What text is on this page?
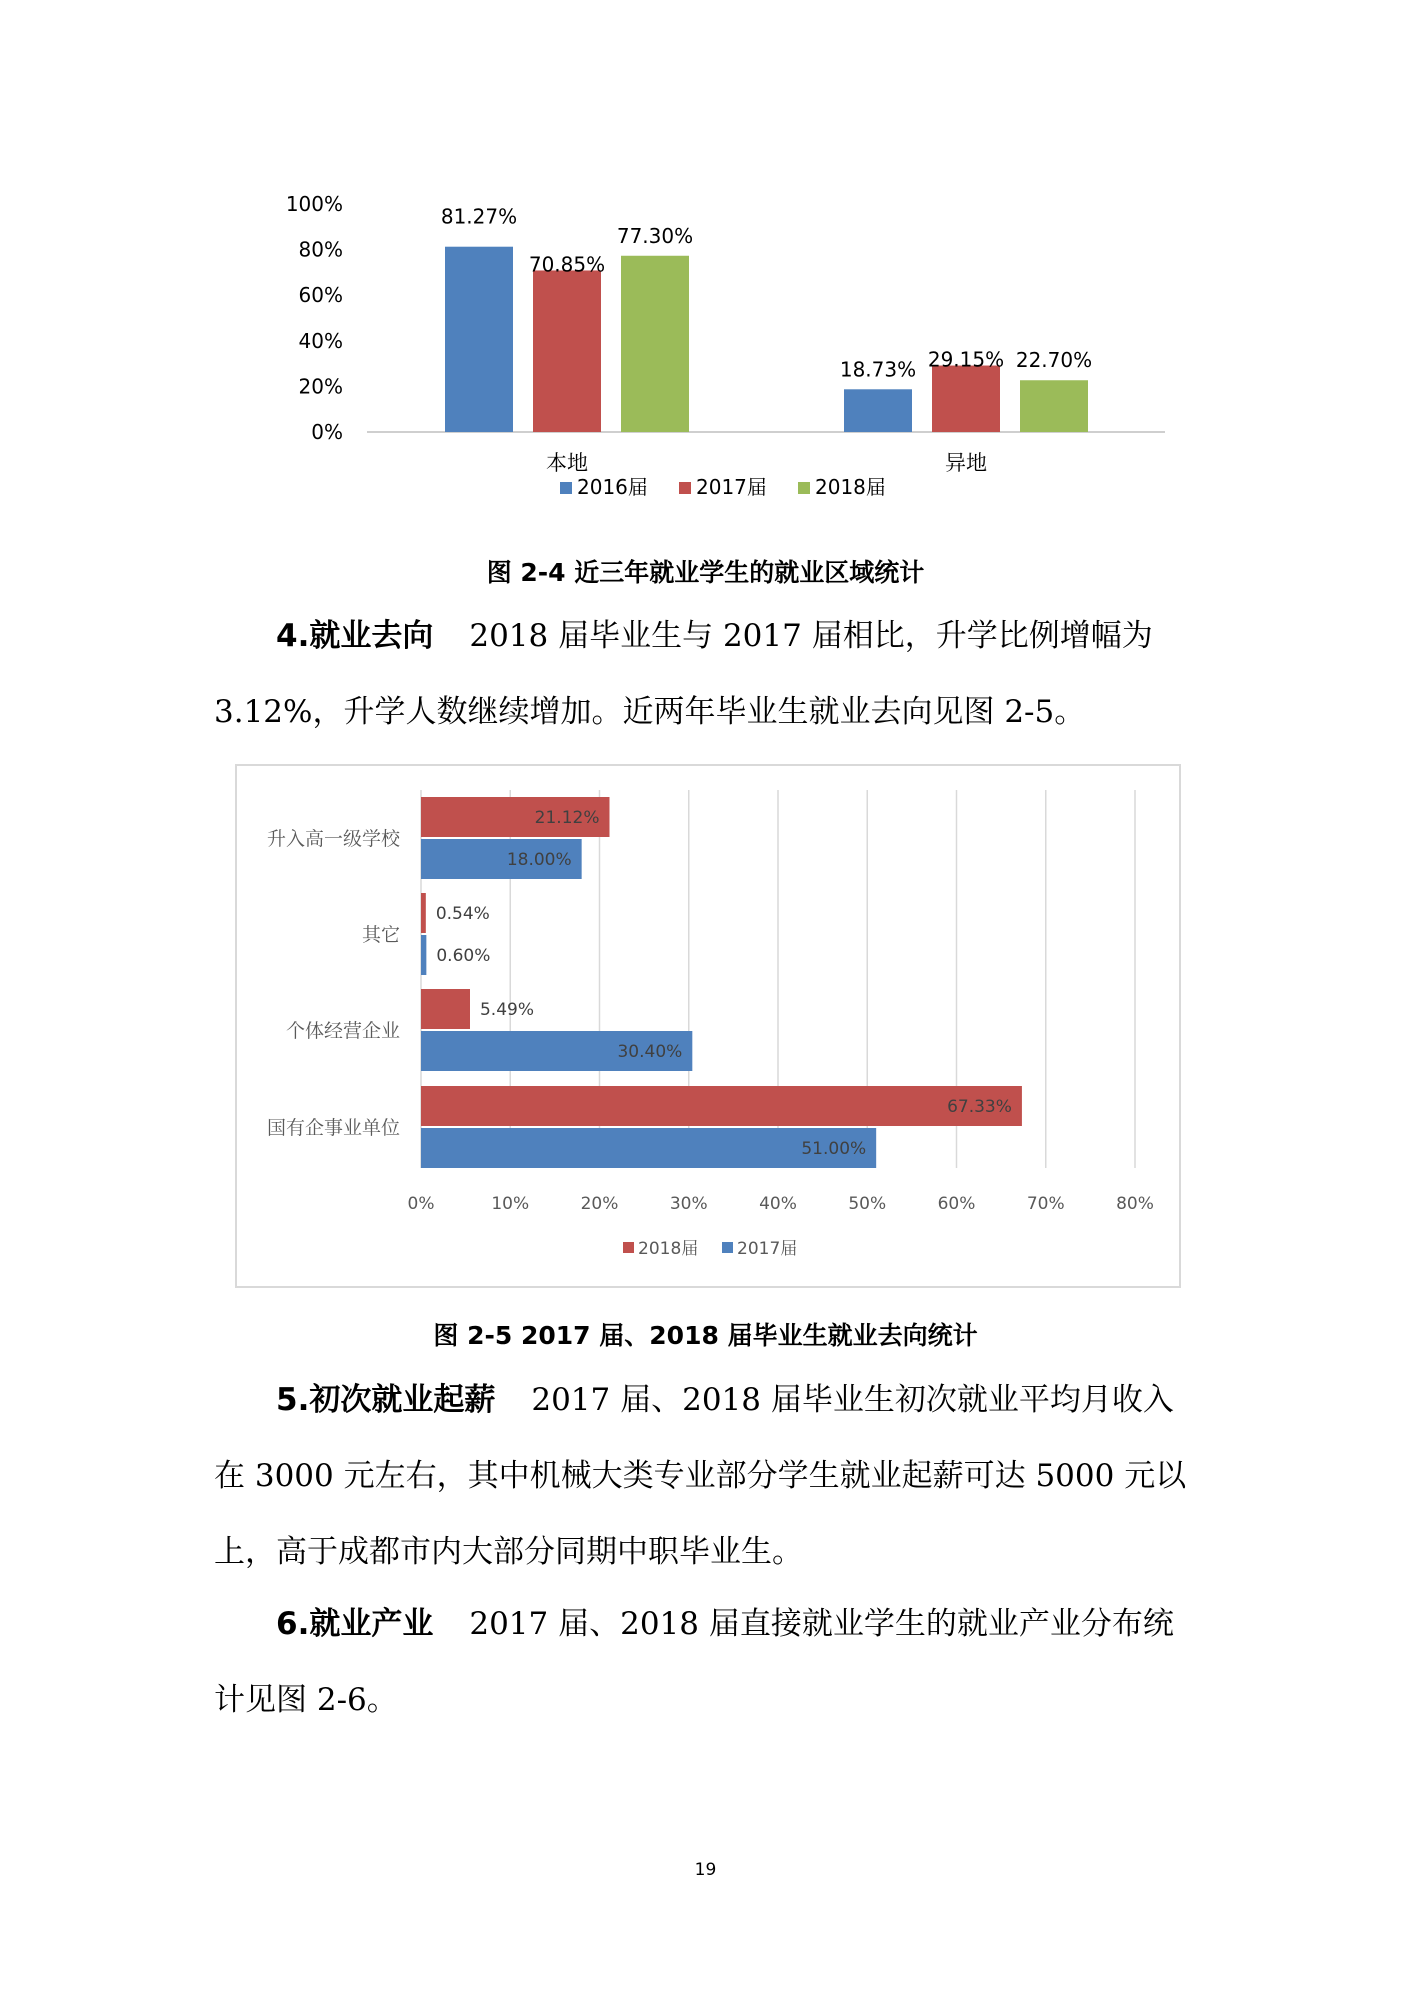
0%
20%
40%
60%
80%
100%
81.27%
70.85%
77.30%
18.73% 29.15% 22.70%
本地	异地
2016届 2017届 2018届
图 2-4 近三年就业学生的就业区域统计

4.就业去向 2018 届毕业生与 2017 届相比，升学比例增幅为

3.12%，升学人数继续增加。近两年毕业生就业去向见图 2-5。

21.12%
18.00%
0.54%
0.60%
5.49%
30.40%
67.33%
51.00%
升入高一级学校
其它
个体经营企业
国有企事业单位
0%	10%	20%	30%	40%	50%	60%	70%	80%
2018届 2017届
图 2-5 2017 届、2018 届毕业生就业去向统计

5.初次就业起薪 2017 届、2018 届毕业生初次就业平均月收入

在 3000 元左右，其中机械大类专业部分学生就业起薪可达 5000 元以

上，高于成都市内大部分同期中职毕业生。

6.就业产业 2017 届、2018 届直接就业学生的就业产业分布统

计见图 2-6。

19
